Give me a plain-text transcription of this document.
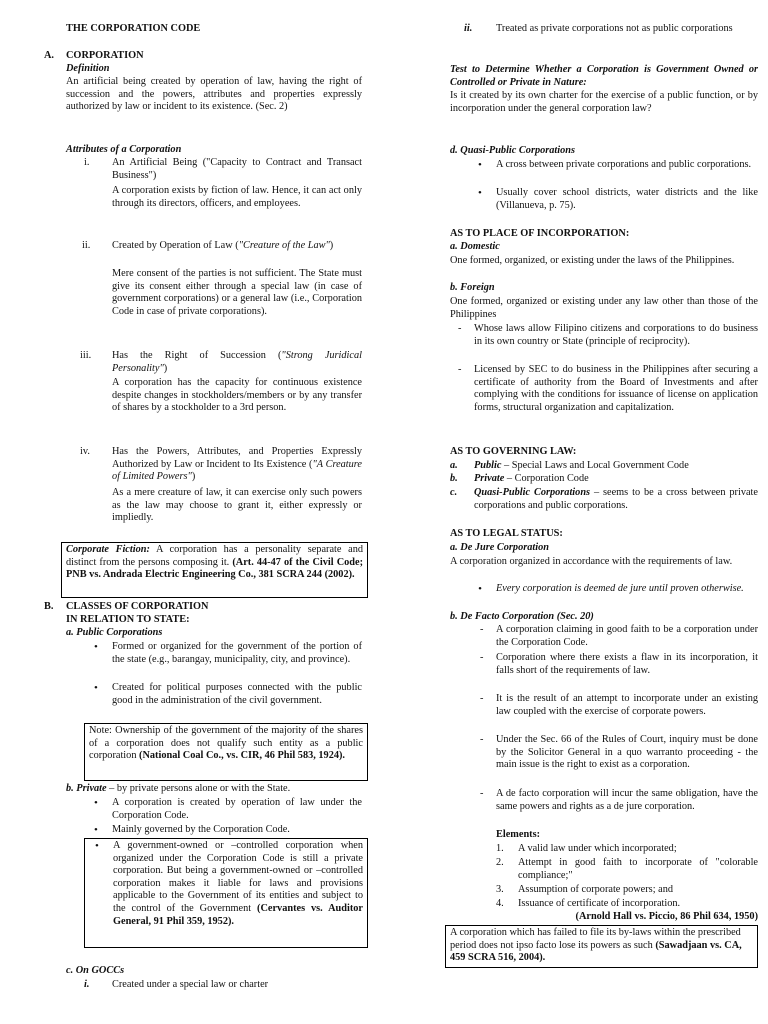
THE CORPORATION CODE
A. CORPORATION
Definition
An artificial being created by operation of law, having the right of succession and the powers, attributes and properties expressly authorized by law or incident to its existence. (Sec. 2)
Attributes of a Corporation
i. An Artificial Being ("Capacity to Contract and Transact Business")
A corporation exists by fiction of law. Hence, it can act only through its directors, officers, and employees.
ii. Created by Operation of Law ("Creature of the Law")
Mere consent of the parties is not sufficient. The State must give its consent either through a special law (in case of government corporations) or a general law (i.e., Corporation Code in case of private corporations).
iii. Has the Right of Succession ("Strong Juridical Personality")
A corporation has the capacity for continuous existence despite changes in stockholders/members or by any transfer of shares by a stockholder to a 3rd person.
iv. Has the Powers, Attributes, and Properties Expressly Authorized by Law or Incident to Its Existence ("A Creature of Limited Powers")
As a mere creature of law, it can exercise only such powers as the law may choose to grant it, either expressly or impliedly.
Corporate Fiction: A corporation has a personality separate and distinct from the persons composing it. (Art. 44-47 of the Civil Code; PNB vs. Andrada Electric Engineering Co., 381 SCRA 244 (2002).
B. CLASSES OF CORPORATION
IN RELATION TO STATE:
a. Public Corporations
• Formed or organized for the government of the portion of the state (e.g., barangay, municipality, city, and province).
• Created for political purposes connected with the public good in the administration of the civil government.
Note: Ownership of the government of the majority of the shares of a corporation does not qualify such entity as a public corporation (National Coal Co., vs. CIR, 46 Phil 583, 1924).
b. Private – by private persons alone or with the State.
• A corporation is created by operation of law under the Corporation Code.
• Mainly governed by the Corporation Code.
A government-owned or –controlled corporation when organized under the Corporation Code is still a private corporation. But being a government-owned or –controlled corporation makes it liable for laws and provisions applicable to the Government of its entities and subject to the control of the Government (Cervantes vs. Auditor General, 91 Phil 359, 1952).
c. On GOCCs
i. Created under a special law or charter
ii. Treated as private corporations not as public corporations
Test to Determine Whether a Corporation is Government Owned or Controlled or Private in Nature:
Is it created by its own charter for the exercise of a public function, or by incorporation under the general corporation law?
d. Quasi-Public Corporations
• A cross between private corporations and public corporations.
• Usually cover school districts, water districts and the like (Villanueva, p. 75).
AS TO PLACE OF INCORPORATION:
a. Domestic
One formed, organized, or existing under the laws of the Philippines.
b. Foreign
One formed, organized or existing under any law other than those of the Philippines
- Whose laws allow Filipino citizens and corporations to do business in its own country or State (principle of reciprocity).
- Licensed by SEC to do business in the Philippines after securing a certificate of authority from the Board of Investments and after complying with the conditions for issuance of license on application forms, structural organization and capitalization.
AS TO GOVERNING LAW:
a. Public – Special Laws and Local Government Code
b. Private – Corporation Code
c. Quasi-Public Corporations – seems to be a cross between private corporations and public corporations.
AS TO LEGAL STATUS:
a. De Jure Corporation
A corporation organized in accordance with the requirements of law.
• Every corporation is deemed de jure until proven otherwise.
b. De Facto Corporation (Sec. 20)
- A corporation claiming in good faith to be a corporation under the Corporation Code.
- Corporation where there exists a flaw in its incorporation, it falls short of the requirements of law.
- It is the result of an attempt to incorporate under an existing law coupled with the exercise of corporate powers.
- Under the Sec. 66 of the Rules of Court, inquiry must be done by the Solicitor General in a quo warranto proceeding - the main issue is the right to exist as a corporation.
- A de facto corporation will incur the same obligation, have the same powers and rights as a de jure corporation.
Elements:
1. A valid law under which incorporated;
2. Attempt in good faith to incorporate of "colorable compliance;"
3. Assumption of corporate powers; and
4. Issuance of certificate of incorporation.
(Arnold Hall vs. Piccio, 86 Phil 634, 1950)
A corporation which has failed to file its by-laws within the prescribed period does not ipso facto lose its powers as such (Sawadjaan vs. CA, 459 SCRA 516, 2004).
